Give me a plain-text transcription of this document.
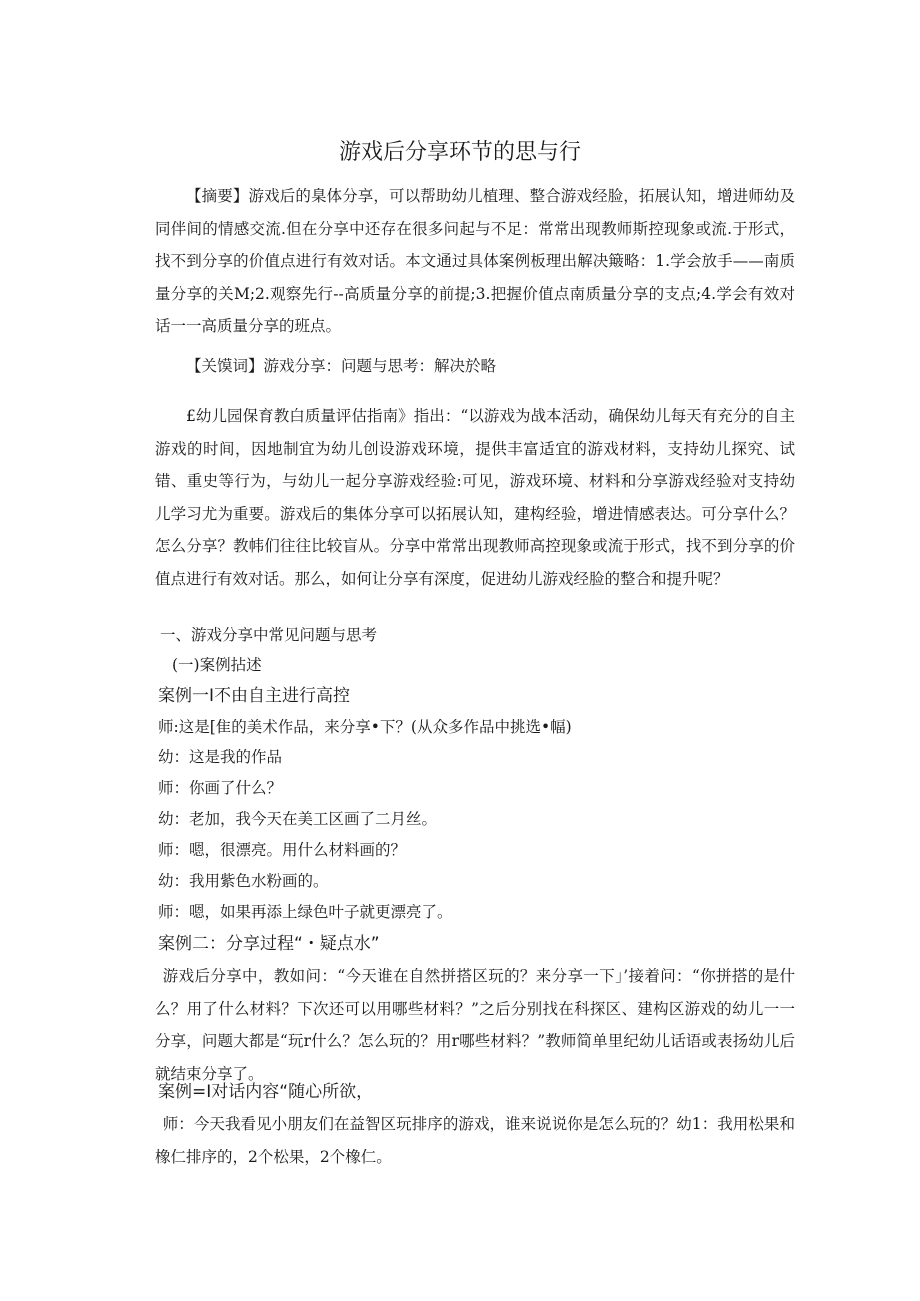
游戏后分享环节的思与行

【摘要】游戏后的臬体分享，可以帮助幼儿植理、整合游戏经脸，拓展认知，增进师幼及同伴间的情感交流.但在分享中还存在很多问起与不足：常常出现教师斯控现象或流.于形式，找不到分享的价值点进行有效对话。本文通过具体案例板理出解决簸略：1.学会放手——南质量分享的关M;2.观察先行--高质量分享的前提;3.把握价值点南质量分享的支点;4.学会有效对话一一高质量分享的班点。

【关馍词】游戏分享：问题与思考：解决於略

£幼儿园保育教白质量评估指南》指出：“以游戏为战本活动，确保幼儿每天有充分的自主游戏的时间，因地制宜为幼儿创设游戏环境，提供丰富适宜的游戏材料，支持幼儿探究、试错、重史等行为，与幼儿一起分享游戏经验:可见，游戏环境、材料和分享游戏经验对支持幼儿学习尤为重要。游戏后的集体分享可以拓展认知，建构经验，增进情感表达。可分享什么？怎么分享？教帏们往往比较盲从。分享中常常出现教师高控现象或流于形式，找不到分享的价值点进行有效对话。那么，如何让分享有深度，促进幼儿游戏经脸的整合和提升呢？

一、游戏分享中常见问题与思考
(一)案例拈述
案例一I不由自主进行高控
师:这是[隹的美术作品，来分享•下？(从众多作品中挑选•幅)
幼：这是我的作品
师：你画了什么？
幼：老加，我今天在美工区画了二月丝。
师：嗯，很漂亮。用什么材料画的？
幼：我用紫色水粉画的。
师：嗯，如果再添上绿色叶子就更漂亮了。
案例二：分享过程“・疑点水”

游戏后分享中，教如问：“今天谁在自然拼搭区玩的？来分享一下」’接着问：“你拼搭的是什么？用了什么材料？下次还可以用哪些材料？”之后分别找在科探区、建构区游戏的幼儿一一分享，问题大都是“玩r什么？怎么玩的？用r哪些材料？”教师简单里纪幼儿话语或表扬幼儿后就结束分享了。

案例=I对话内容“随心所欲，

师：今天我看见小朋友们在益智区玩排序的游戏，谁来说说你是怎么玩的？幼1：我用松果和橡仁排序的，2个松果，2个橡仁。
